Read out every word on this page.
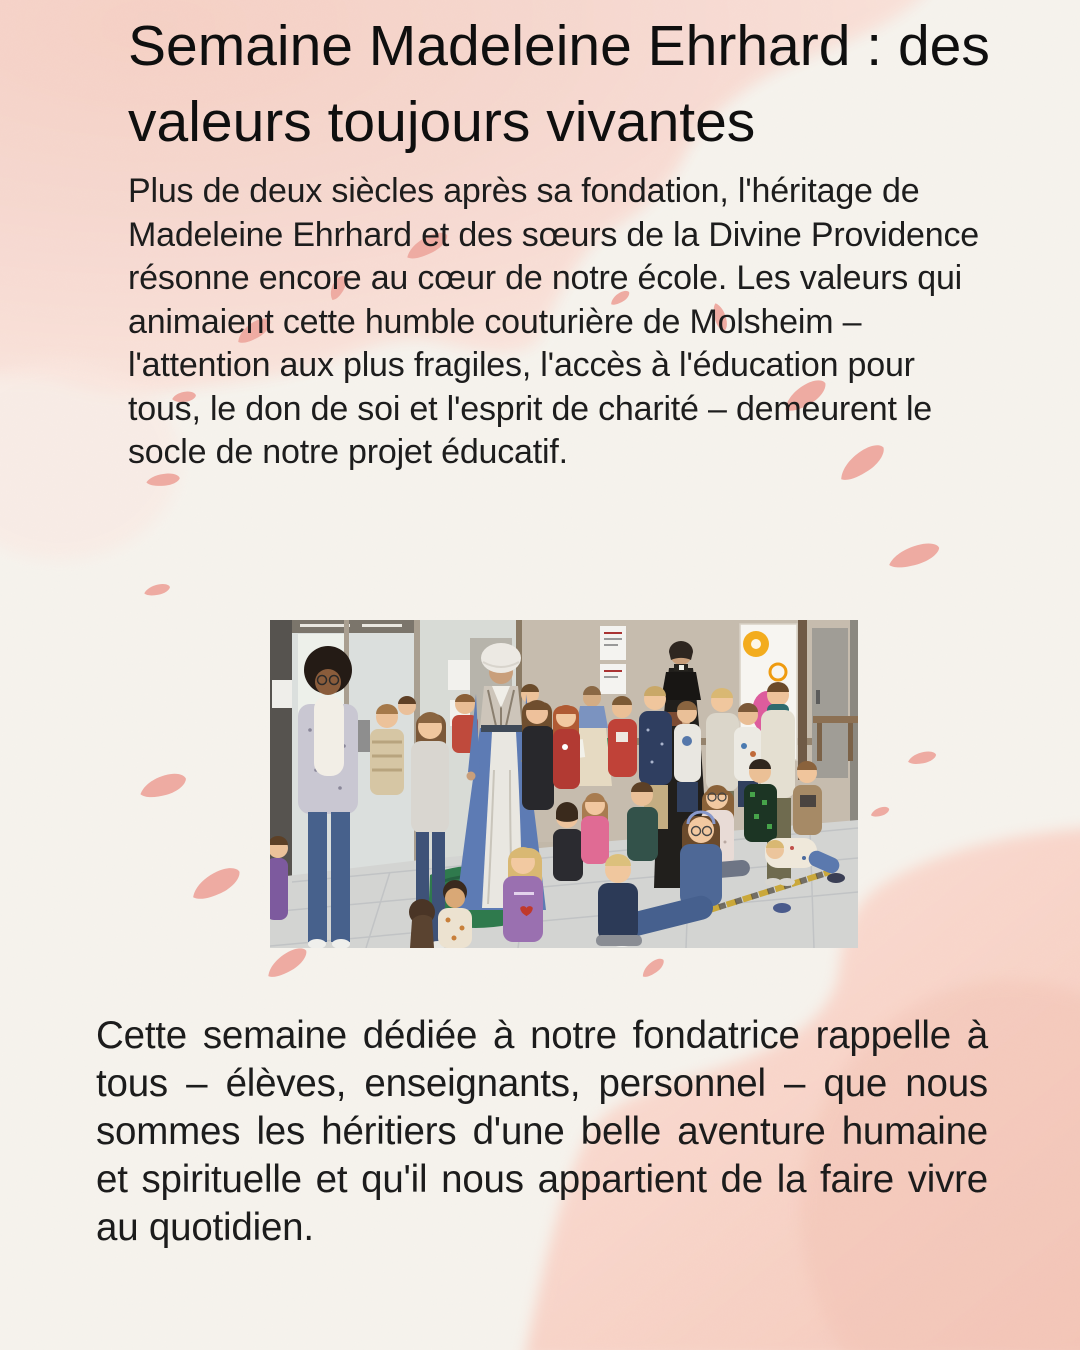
Semaine Madeleine Ehrhard : des
valeurs toujours vivantes
Plus de deux siècles après sa fondation, l'héritage de
Madeleine Ehrhard et des sœurs de la Divine Providence
résonne encore au cœur de notre école. Les valeurs qui
animaient cette humble couturière de Molsheim –
l'attention aux plus fragiles, l'accès à l'éducation pour
tous, le don de soi et l'esprit de charité – demeurent le
socle de notre projet éducatif.
Cette semaine dédiée à notre fondatrice rappelle à
tous – élèves, enseignants, personnel – que nous
sommes les héritiers d'une belle aventure humaine
et spirituelle et qu'il nous appartient de la faire vivre
au quotidien.
